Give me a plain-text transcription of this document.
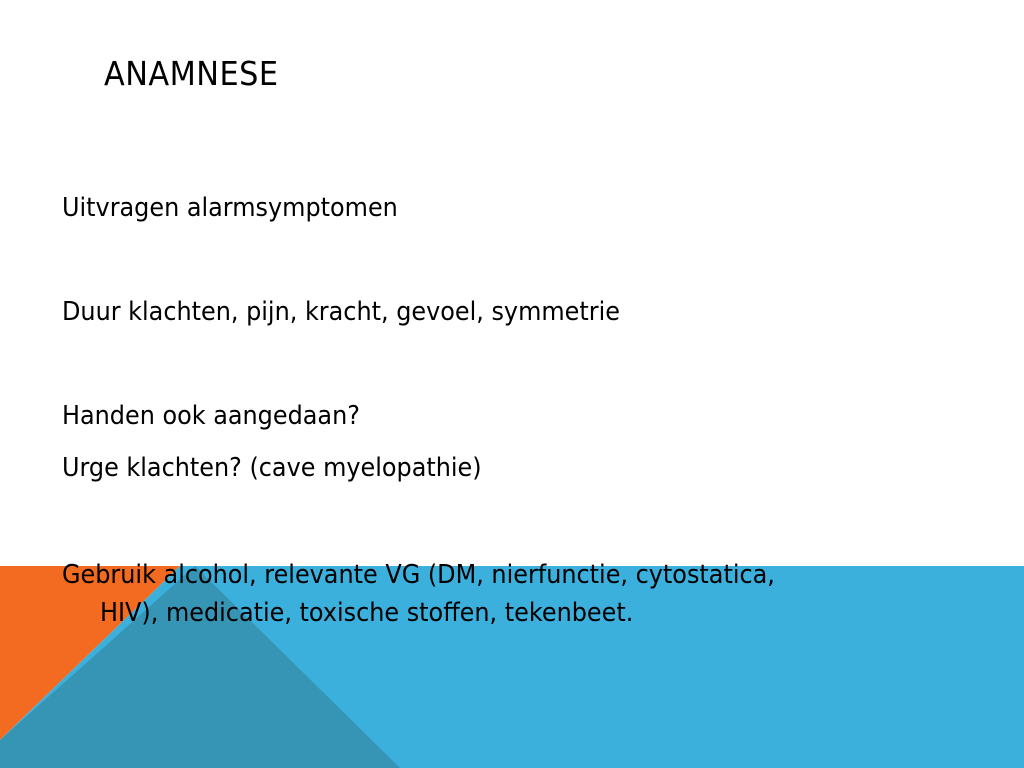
ANAMNESE

Uitvragen alarmsymptomen

Duur klachten, pijn, kracht, gevoel, symmetrie

Handen ook aangedaan?

Urge klachten? (cave myelopathie)

Gebruik alcohol, relevante VG (DM, nierfunctie, cytostatica,

HIV), medicatie, toxische stoffen, tekenbeet.
